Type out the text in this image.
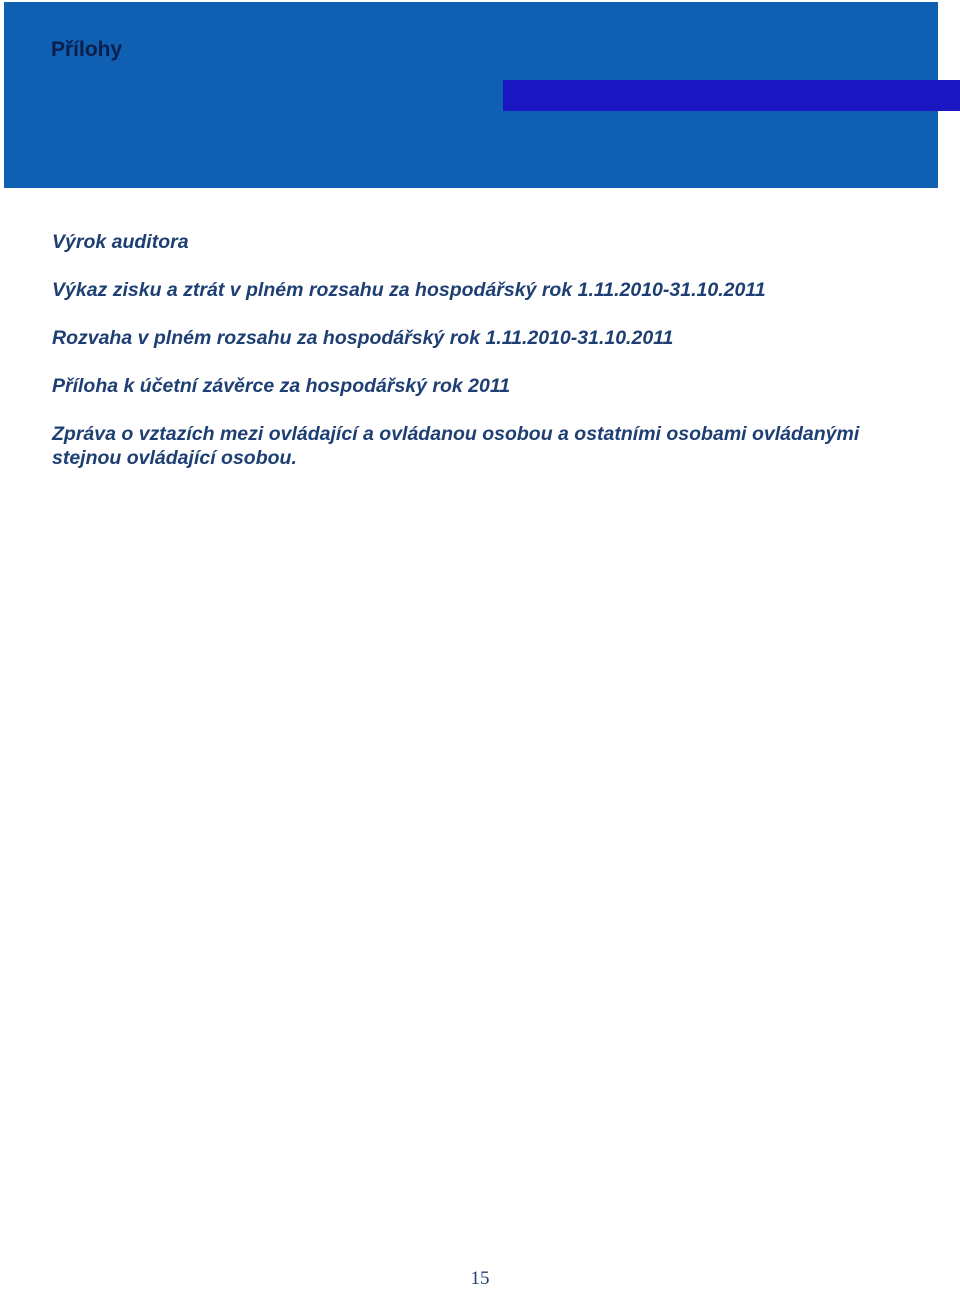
Přílohy

Výrok auditora

Výkaz zisku a ztrát v plném rozsahu za hospodářský rok 1.11.2010-31.10.2011

Rozvaha v plném rozsahu za hospodářský rok 1.11.2010-31.10.2011

Příloha k účetní závěrce za hospodářský rok 2011

Zpráva o vztazích mezi ovládající a ovládanou osobou a ostatními osobami ovládanými stejnou ovládající osobou.

15
